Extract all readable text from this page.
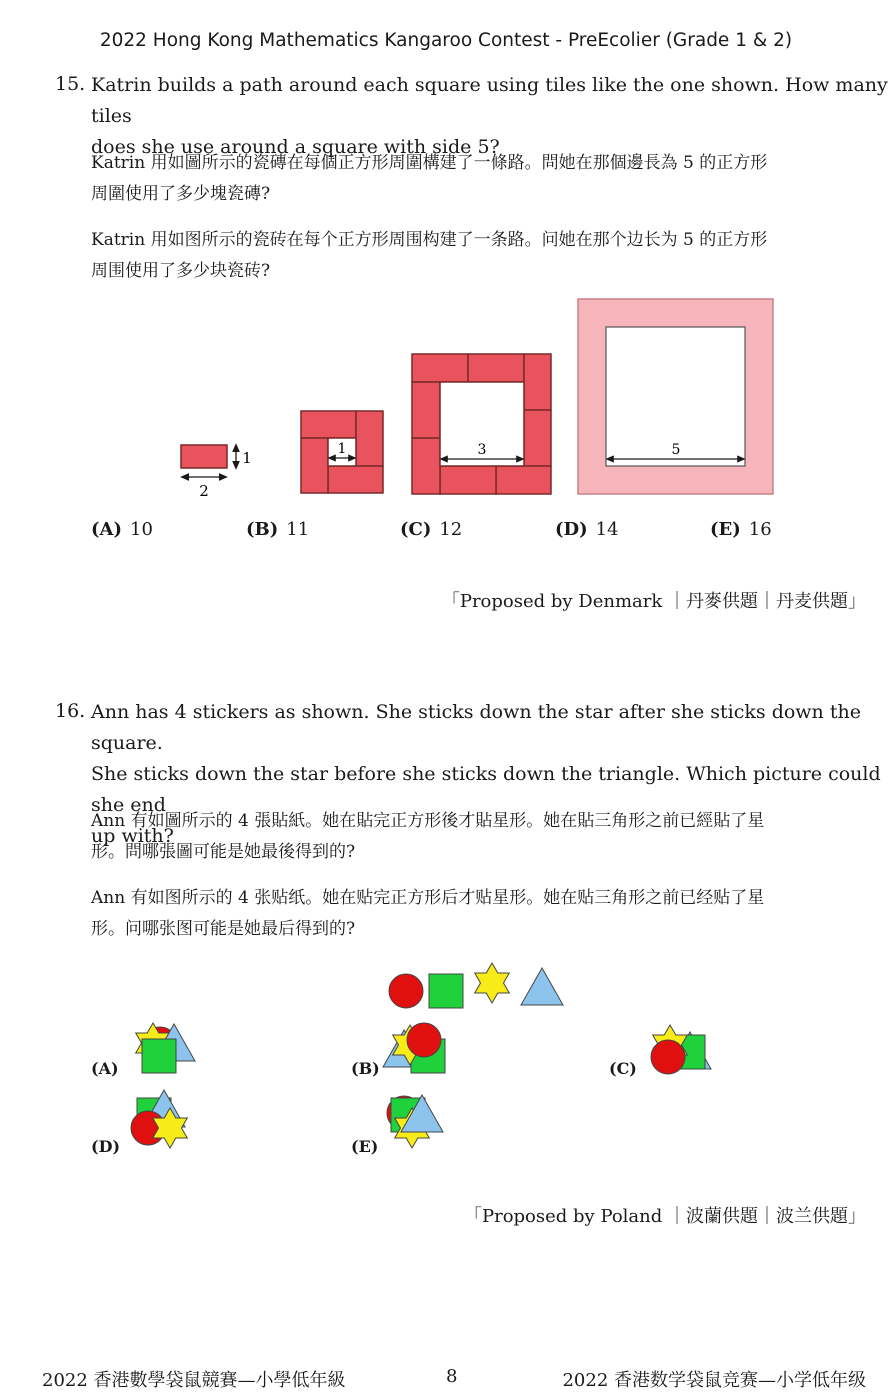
2022 Hong Kong Mathematics Kangaroo Contest - PreEcolier (Grade 1 & 2)
15. Katrin builds a path around each square using tiles like the one shown. How many tiles
does she use around a square with side 5?
Katrin 用如圖所示的瓷磚在每個正方形周圍構建了一條路。問她在那個邊長為 5 的正方形
周圍使用了多少塊瓷磚?
Katrin 用如图所示的瓷砖在每个正方形周围构建了一条路。问她在那个边长为 5 的正方形
周围使用了多少块瓷砖?
2
1	1	3	5
(A) 10	(B) 11	(C) 12	(D) 14	(E) 16
「Proposed by Denmark ｜丹麥供題｜丹麦供題」
16. Ann has 4 stickers as shown. She sticks down the star after she sticks down the square.
She sticks down the star before she sticks down the triangle. Which picture could she end
up with?
Ann 有如圖所示的 4 張貼紙。她在貼完正方形後才貼星形。她在貼三角形之前已經貼了星
形。問哪張圖可能是她最後得到的?
Ann 有如图所示的 4 张贴纸。她在贴完正方形后才贴星形。她在贴三角形之前已经贴了星
形。问哪张图可能是她最后得到的?
(A)	(B)	(C)
(D)	(E)
「Proposed by Poland ｜波蘭供題｜波兰供題」
2022 香港數學袋鼠競賽—小學低年級	8	2022 香港数学袋鼠竞赛—小学低年级
